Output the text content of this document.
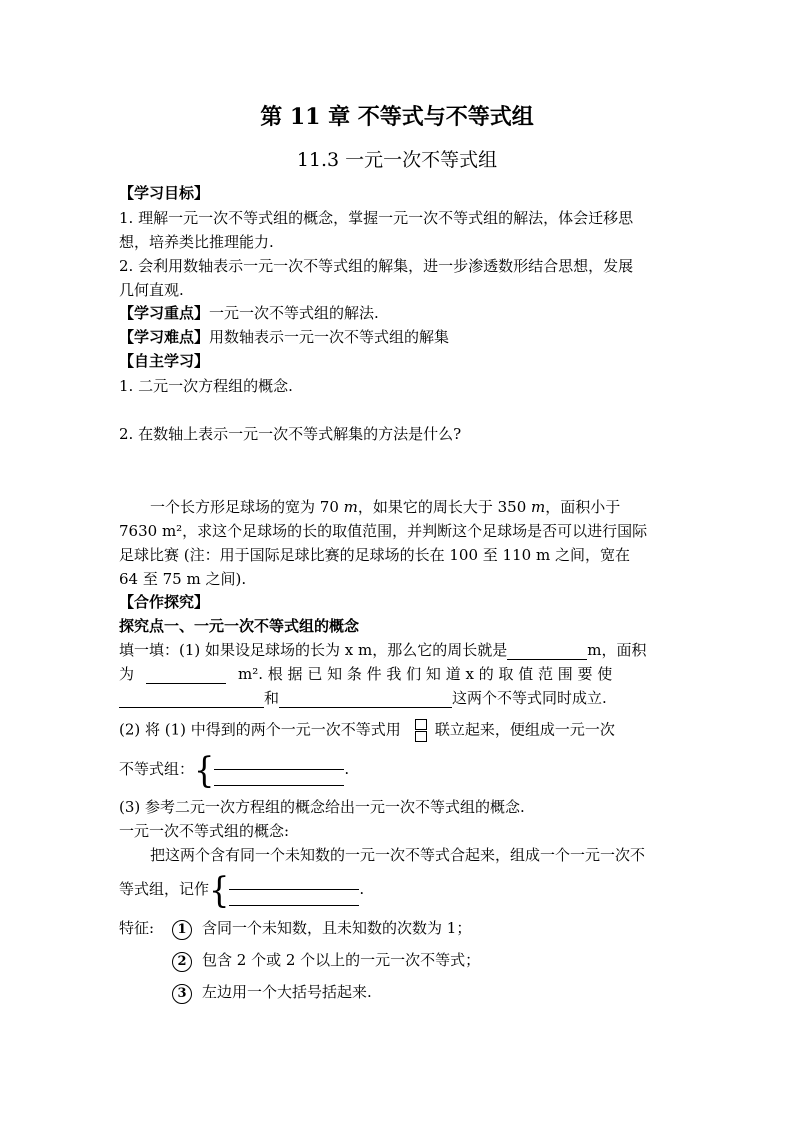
第 11 章 不等式与不等式组
11.3 一元一次不等式组
【学习目标】
1. 理解一元一次不等式组的概念，掌握一元一次不等式组的解法，体会迁移思
想，培养类比推理能力.
2. 会利用数轴表示一元一次不等式组的解集，进一步渗透数形结合思想，发展
几何直观.
【学习重点】一元一次不等式组的解法.
【学习难点】用数轴表示一元一次不等式组的解集
【自主学习】
1. 二元一次方程组的概念.
2. 在数轴上表示一元一次不等式解集的方法是什么?
一个长方形足球场的宽为 70 m，如果它的周长大于 350 m，面积小于
7630 m²，求这个足球场的长的取值范围，并判断这个足球场是否可以进行国际
足球比赛 (注：用于国际足球比赛的足球场的长在 100 至 110 m 之间，宽在
64 至 75 m 之间).
【合作探究】
探究点一、一元一次不等式组的概念
填一填：(1) 如果设足球场的长为 x m，那么它的周长就是	m，面积
为	m². 根 据 已 知 条 件 我 们 知 道 x 的 取 值 范 围 要 使
和	这两个不等式同时成立.
(2) 将 (1) 中得到的两个一元一次不等式用 联立起来，便组成一元一次
不等式组：{	.
(3) 参考二元一次方程组的概念给出一元一次不等式组的概念.
一元一次不等式组的概念:
把这两个含有同一个未知数的一元一次不等式合起来，组成一个一元一次不
等式组，记作{	.
特征:	1 含同一个未知数，且未知数的次数为 1；
2 包含 2 个或 2 个以上的一元一次不等式；
3 左边用一个大括号括起来.
